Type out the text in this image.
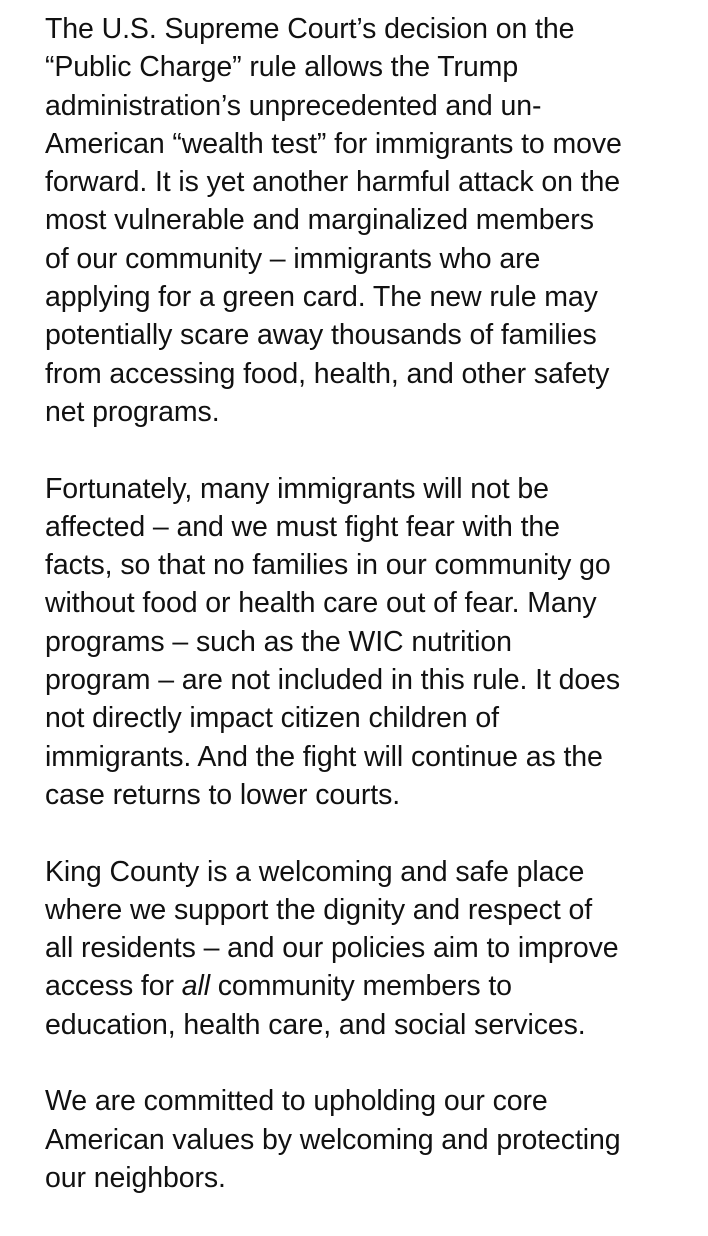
The U.S. Supreme Court’s decision on the
“Public Charge” rule allows the Trump
administration’s unprecedented and un-
American “wealth test” for immigrants to move
forward. It is yet another harmful attack on the
most vulnerable and marginalized members
of our community – immigrants who are
applying for a green card. The new rule may
potentially scare away thousands of families
from accessing food, health, and other safety
net programs.

Fortunately, many immigrants will not be
affected – and we must fight fear with the
facts, so that no families in our community go
without food or health care out of fear. Many
programs – such as the WIC nutrition
program – are not included in this rule. It does
not directly impact citizen children of
immigrants. And the fight will continue as the
case returns to lower courts.

King County is a welcoming and safe place
where we support the dignity and respect of
all residents – and our policies aim to improve
access for all community members to
education, health care, and social services.

We are committed to upholding our core
American values by welcoming and protecting
our neighbors.
